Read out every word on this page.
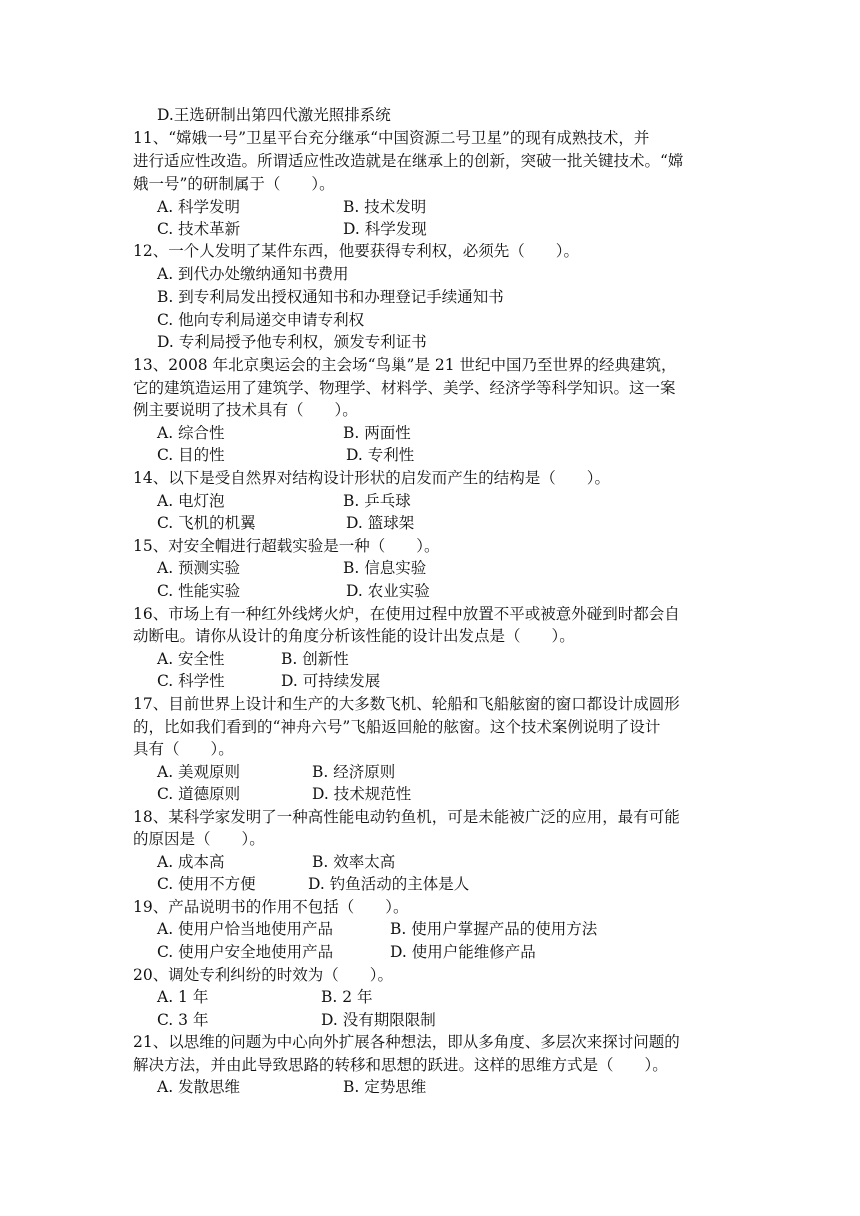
D.王选研制出第四代激光照排系统
11、“嫦娥一号”卫星平台充分继承“中国资源二号卫星”的现有成熟技术，并
进行适应性改造。所谓适应性改造就是在继承上的创新，突破一批关键技术。“嫦
娥一号”的研制属于（　　）。
A. 科学发明	B. 技术发明
C. 技术革新	D. 科学发现
12、一个人发明了某件东西，他要获得专利权，必须先（　　）。
A. 到代办处缴纳通知书费用
B. 到专利局发出授权通知书和办理登记手续通知书
C. 他向专利局递交申请专利权
D. 专利局授予他专利权，颁发专利证书
13、2008 年北京奥运会的主会场“鸟巢”是 21 世纪中国乃至世界的经典建筑，
它的建筑造运用了建筑学、物理学、材料学、美学、经济学等科学知识。这一案
例主要说明了技术具有（　　）。
A. 综合性	B. 两面性
C. 目的性	D. 专利性
14、以下是受自然界对结构设计形状的启发而产生的结构是（　　）。
A. 电灯泡	B. 乒乓球
C. 飞机的机翼	D. 篮球架
15、对安全帽进行超载实验是一种（　　）。
A. 预测实验	B. 信息实验
C. 性能实验	D. 农业实验
16、市场上有一种红外线烤火炉，在使用过程中放置不平或被意外碰到时都会自
动断电。请你从设计的角度分析该性能的设计出发点是（　　）。
A. 安全性	B. 创新性
C. 科学性	D. 可持续发展
17、目前世界上设计和生产的大多数飞机、轮船和飞船舷窗的窗口都设计成圆形
的，比如我们看到的“神舟六号”飞船返回舱的舷窗。这个技术案例说明了设计
具有（　　）。
A. 美观原则	B. 经济原则
C. 道德原则	D. 技术规范性
18、某科学家发明了一种高性能电动钓鱼机，可是未能被广泛的应用，最有可能
的原因是（　　）。
A. 成本高	B. 效率太高
C. 使用不方便	D. 钓鱼活动的主体是人
19、产品说明书的作用不包括（　　）。
A. 使用户恰当地使用产品	B. 使用户掌握产品的使用方法
C. 使用户安全地使用产品	D. 使用户能维修产品
20、调处专利纠纷的时效为（　　）。
A. 1 年	B. 2 年
C. 3 年	D. 没有期限限制
21、以思维的问题为中心向外扩展各种想法，即从多角度、多层次来探讨问题的
解决方法，并由此导致思路的转移和思想的跃进。这样的思维方式是（　　）。
A. 发散思维	B. 定势思维
